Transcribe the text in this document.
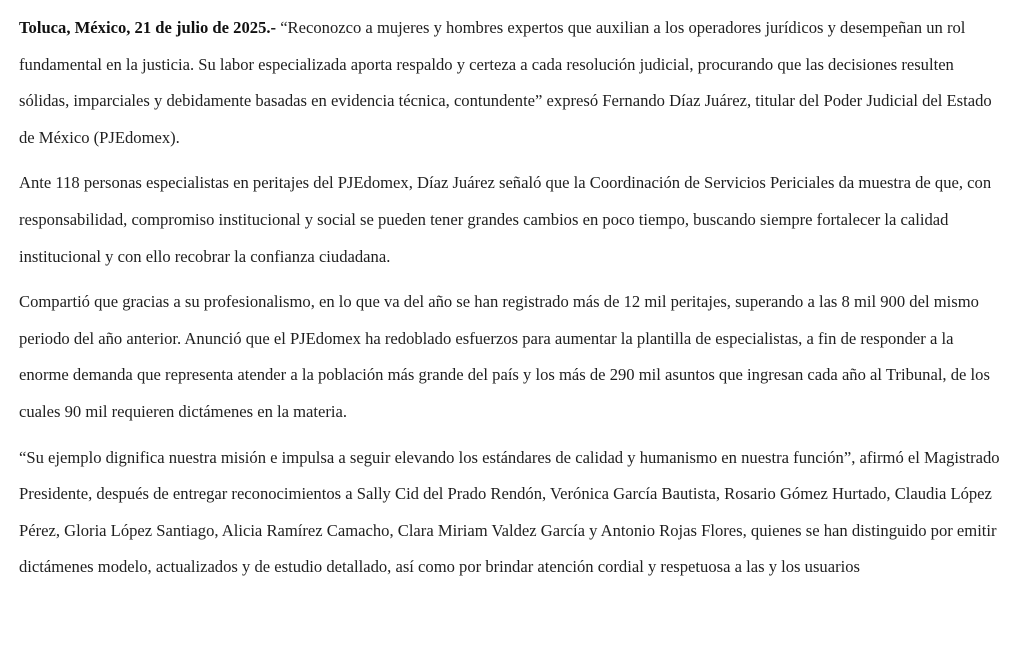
Toluca, México, 21 de julio de 2025.- “Reconozco a mujeres y hombres expertos que auxilian a los operadores jurídicos y desempeñan un rol fundamental en la justicia. Su labor especializada aporta respaldo y certeza a cada resolución judicial, procurando que las decisiones resulten sólidas, imparciales y debidamente basadas en evidencia técnica, contundente” expresó Fernando Díaz Juárez, titular del Poder Judicial del Estado de México (PJEdomex).

Ante 118 personas especialistas en peritajes del PJEdomex, Díaz Juárez señaló que la Coordinación de Servicios Periciales da muestra de que, con responsabilidad, compromiso institucional y social se pueden tener grandes cambios en poco tiempo, buscando siempre fortalecer la calidad institucional y con ello recobrar la confianza ciudadana.

Compartió que gracias a su profesionalismo, en lo que va del año se han registrado más de 12 mil peritajes, superando a las 8 mil 900 del mismo periodo del año anterior. Anunció que el PJEdomex ha redoblado esfuerzos para aumentar la plantilla de especialistas, a fin de responder a la enorme demanda que representa atender a la población más grande del país y los más de 290 mil asuntos que ingresan cada año al Tribunal, de los cuales 90 mil requieren dictámenes en la materia.

“Su ejemplo dignifica nuestra misión e impulsa a seguir elevando los estándares de calidad y humanismo en nuestra función”, afirmó el Magistrado Presidente, después de entregar reconocimientos a Sally Cid del Prado Rendón, Verónica García Bautista, Rosario Gómez Hurtado, Claudia López Pérez, Gloria López Santiago, Alicia Ramírez Camacho, Clara Miriam Valdez García y Antonio Rojas Flores, quienes se han distinguido por emitir dictámenes modelo, actualizados y de estudio detallado, así como por brindar atención cordial y respetuosa a las y los usuarios
